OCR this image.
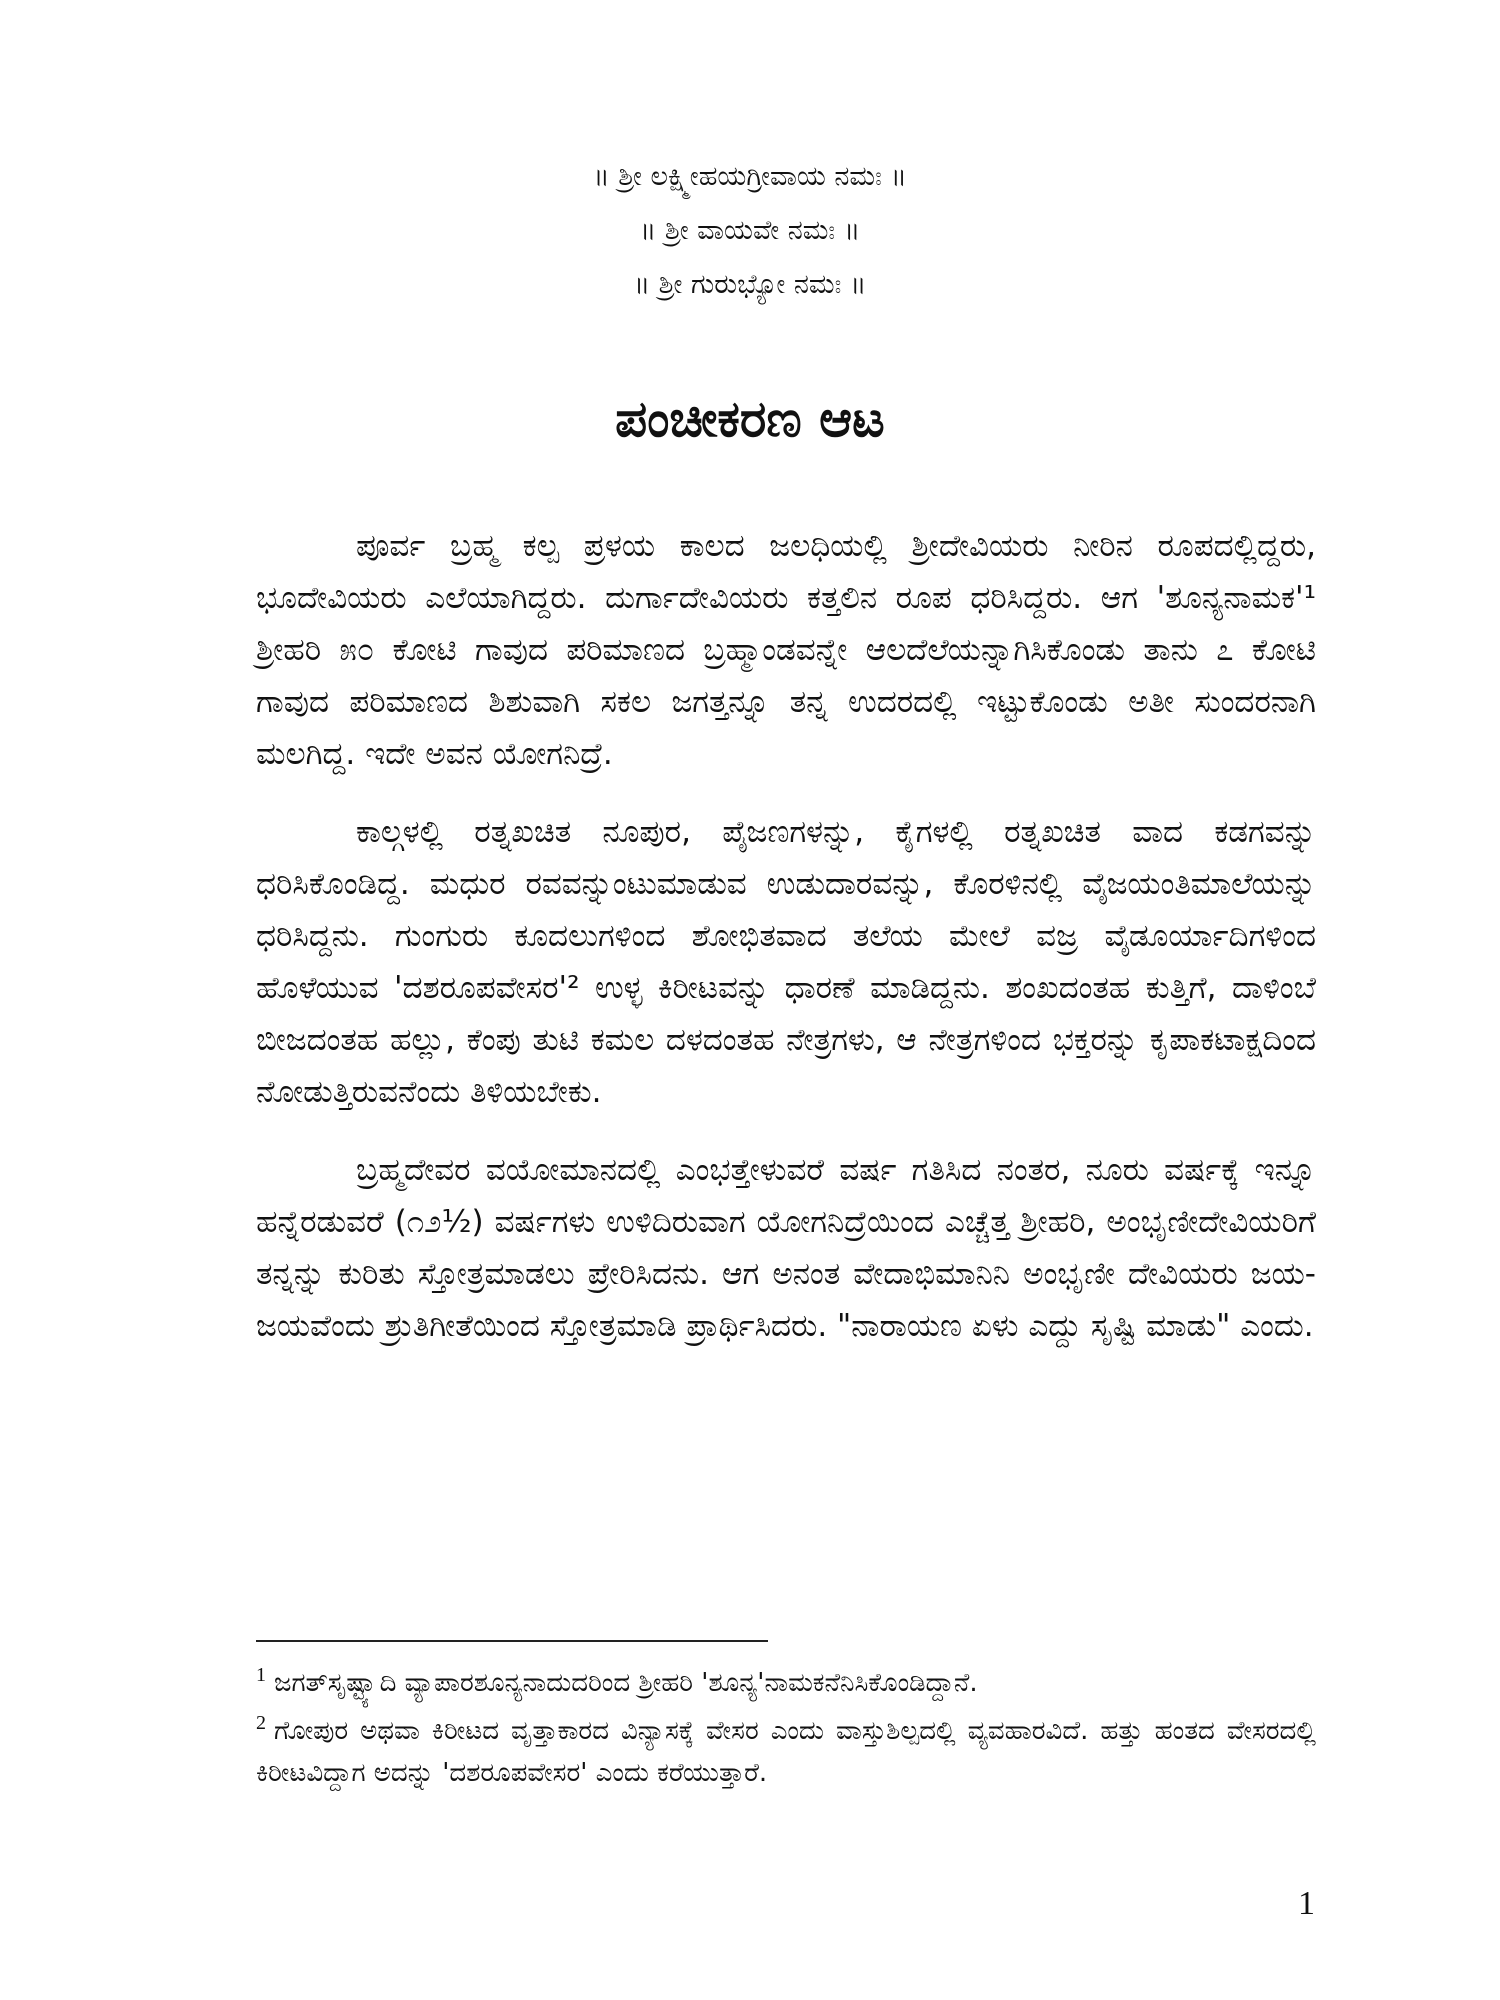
॥ ಶ್ರೀ ಲಕ್ಷ್ಮೀಹಯಗ್ರೀವಾಯ ನಮಃ ॥
॥ ಶ್ರೀ ವಾಯವೇ ನಮಃ ॥
॥ ಶ್ರೀ ಗುರುಭ್ಯೋ ನಮಃ ॥
ಪಂಚೀಕರಣ ಆಟ

ಪೂರ್ವ ಬ್ರಹ್ಮ ಕಲ್ಪ ಪ್ರಳಯ ಕಾಲದ ಜಲಧಿಯಲ್ಲಿ ಶ್ರೀದೇವಿಯರು ನೀರಿನ ರೂಪದಲ್ಲಿದ್ದರು, ಭೂದೇವಿಯರು ಎಲೆಯಾಗಿದ್ದರು. ದುರ್ಗಾದೇವಿಯರು ಕತ್ತಲಿನ ರೂಪ ಧರಿಸಿದ್ದರು. ಆಗ 'ಶೂನ್ಯನಾಮಕ'¹ ಶ್ರೀಹರಿ ೫೦ ಕೋಟಿ ಗಾವುದ ಪರಿಮಾಣದ ಬ್ರಹ್ಮಾಂಡವನ್ನೇ ಆಲದೆಲೆಯನ್ನಾಗಿಸಿಕೊಂಡು ತಾನು ೭ ಕೋಟಿ ಗಾವುದ ಪರಿಮಾಣದ ಶಿಶುವಾಗಿ ಸಕಲ ಜಗತ್ತನ್ನೂ ತನ್ನ ಉದರದಲ್ಲಿ ಇಟ್ಟುಕೊಂಡು ಅತೀ ಸುಂದರನಾಗಿ ಮಲಗಿದ್ದ. ಇದೇ ಅವನ ಯೋಗನಿದ್ರೆ.

ಕಾಲ್ಗಳಲ್ಲಿ ರತ್ನಖಚಿತ ನೂಪುರ, ಪೈಜಣಗಳನ್ನು, ಕೈಗಳಲ್ಲಿ ರತ್ನಖಚಿತ ವಾದ ಕಡಗವನ್ನು ಧರಿಸಿಕೊಂಡಿದ್ದ. ಮಧುರ ರವವನ್ನುಂಟುಮಾಡುವ ಉಡುದಾರವನ್ನು, ಕೊರಳಿನಲ್ಲಿ ವೈಜಯಂತಿಮಾಲೆಯನ್ನು ಧರಿಸಿದ್ದನು. ಗುಂಗುರು ಕೂದಲುಗಳಿಂದ ಶೋಭಿತವಾದ ತಲೆಯ ಮೇಲೆ ವಜ್ರ ವೈಡೂರ್ಯಾದಿಗಳಿಂದ ಹೊಳೆಯುವ 'ದಶರೂಪವೇಸರ'² ಉಳ್ಳ ಕಿರೀಟವನ್ನು ಧಾರಣೆ ಮಾಡಿದ್ದನು. ಶಂಖದಂತಹ ಕುತ್ತಿಗೆ, ದಾಳಿಂಬೆ ಬೀಜದಂತಹ ಹಲ್ಲು, ಕೆಂಪು ತುಟಿ ಕಮಲ ದಳದಂತಹ ನೇತ್ರಗಳು, ಆ ನೇತ್ರಗಳಿಂದ ಭಕ್ತರನ್ನು ಕೃಪಾಕಟಾಕ್ಷದಿಂದ ನೋಡುತ್ತಿರುವನೆಂದು ತಿಳಿಯಬೇಕು.

ಬ್ರಹ್ಮದೇವರ ವಯೋಮಾನದಲ್ಲಿ ಎಂಭತ್ತೇಳುವರೆ ವರ್ಷ ಗತಿಸಿದ ನಂತರ, ನೂರು ವರ್ಷಕ್ಕೆ ಇನ್ನೂ ಹನ್ನೆರಡುವರೆ (೧೨½) ವರ್ಷಗಳು ಉಳಿದಿರುವಾಗ ಯೋಗನಿದ್ರೆಯಿಂದ ಎಚ್ಚೆತ್ತ ಶ್ರೀಹರಿ, ಅಂಭೃಣೀದೇವಿಯರಿಗೆ ತನ್ನನ್ನು ಕುರಿತು ಸ್ತೋತ್ರಮಾಡಲು ಪ್ರೇರಿಸಿದನು. ಆಗ ಅನಂತ ವೇದಾಭಿಮಾನಿನಿ ಅಂಭೃಣೀ ದೇವಿಯರು ಜಯ-ಜಯವೆಂದು ಶ್ರುತಿಗೀತೆಯಿಂದ ಸ್ತೋತ್ರಮಾಡಿ ಪ್ರಾರ್ಥಿಸಿದರು. "ನಾರಾಯಣ ಏಳು ಎದ್ದು ಸೃಷ್ಟಿ ಮಾಡು" ಎಂದು.

$^1$ ಜಗತ್‌ಸೃಷ್ಟ್ಯಾದಿ ವ್ಯಾಪಾರಶೂನ್ಯನಾದುದರಿಂದ ಶ್ರೀಹರಿ 'ಶೂನ್ಯ'ನಾಮಕನೆನಿಸಿಕೊಂಡಿದ್ದಾನೆ.

$^2$ ಗೋಪುರ ಅಥವಾ ಕಿರೀಟದ ವೃತ್ತಾಕಾರದ ವಿನ್ಯಾಸಕ್ಕೆ ವೇಸರ ಎಂದು ವಾಸ್ತುಶಿಲ್ಪದಲ್ಲಿ ವ್ಯವಹಾರವಿದೆ. ಹತ್ತು ಹಂತದ ವೇಸರದಲ್ಲಿ ಕಿರೀಟವಿದ್ದಾಗ ಅದನ್ನು 'ದಶರೂಪವೇಸರ' ಎಂದು ಕರೆಯುತ್ತಾರೆ.

1
